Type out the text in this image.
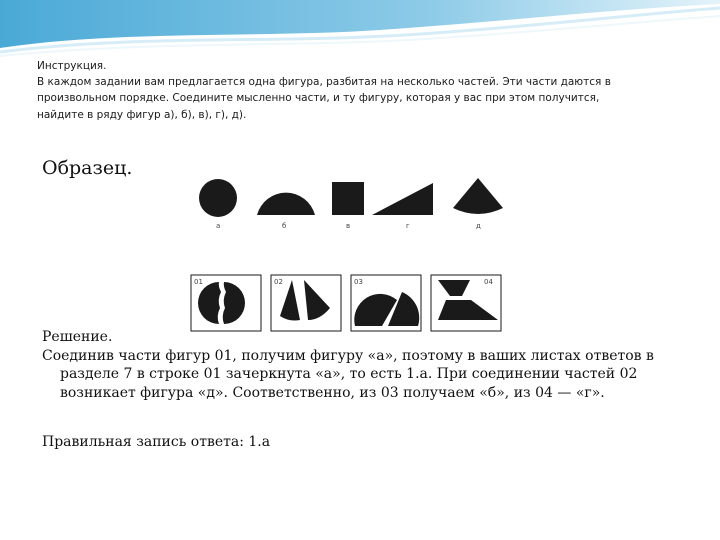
Инструкция.

В каждом задании вам предлагается одна фигура, разбитая на несколько частей. Эти части даются в

произвольном порядке. Соедините мысленно части, и ту фигуру, которая у вас при этом получится,

найдите в ряду фигур а), б), в), г), д).

Образец.
а	б	в	г	д
01	02	03	04

Решение.

Соединив части фигур 01, получим фигуру «а», поэтому в ваших листах ответов в разделе 7 в строке 01 зачеркнута «а», то есть 1.а. При соединении частей 02 возникает фигура «д». Соответственно, из 03 получаем «б», из 04 — «г».

Правильная запись ответа: 1.а
